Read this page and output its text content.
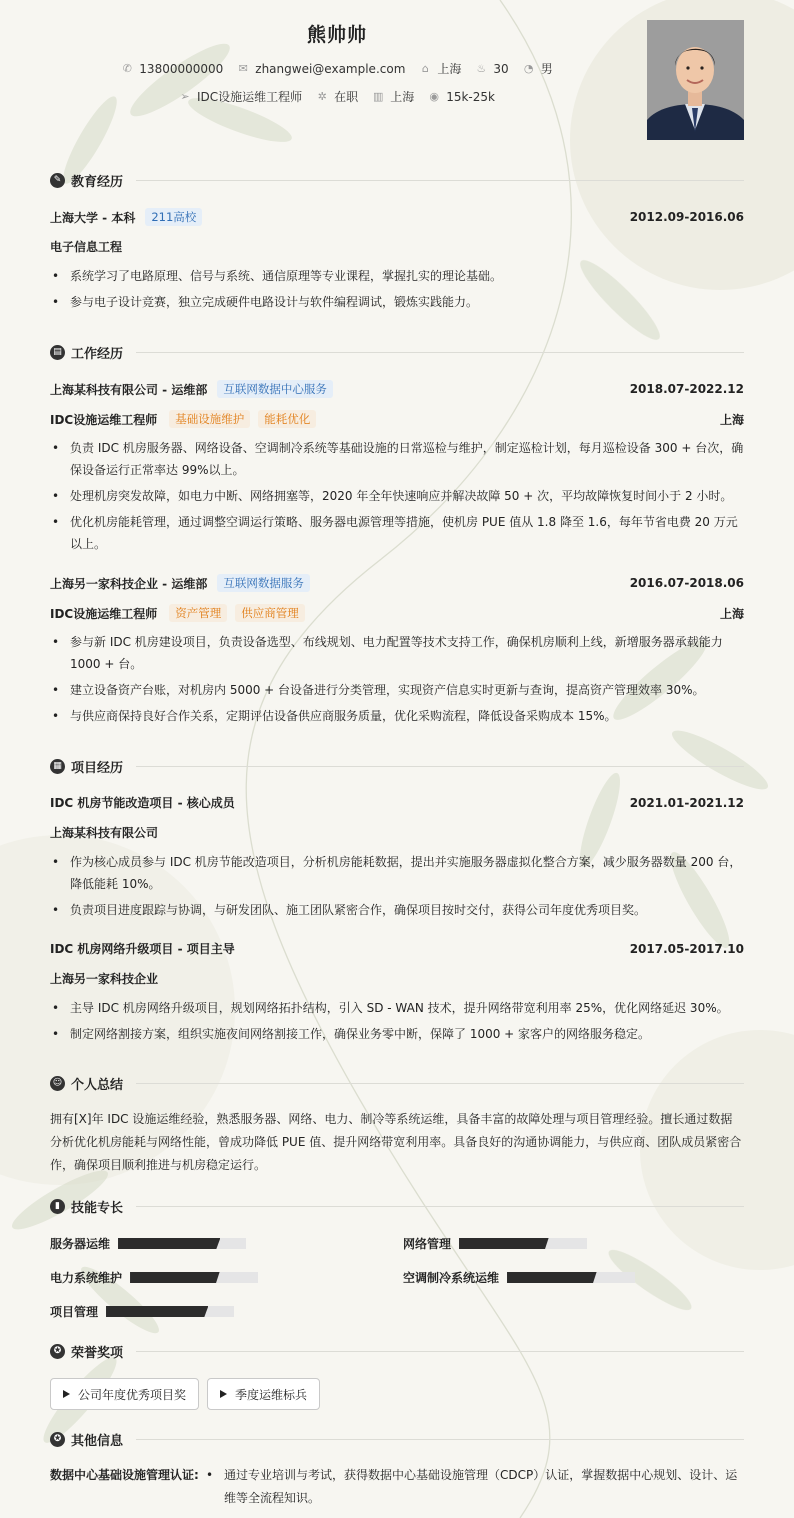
熊帅帅
✆ 13800000000 ✉ zhangwei@example.com ⌂ 上海 ♨ 30 ◔ 男
➢ IDC设施运维工程师 ✲ 在职 ▥ 上海 ◉ 15k-25k
✎ 教育经历
上海大学 - 本科	211高校	2012.09-2016.06
电子信息工程
• 系统学习了电路原理、信号与系统、通信原理等专业课程，掌握扎实的理论基础。
• 参与电子设计竞赛，独立完成硬件电路设计与软件编程调试，锻炼实践能力。
▤ 工作经历
上海某科技有限公司 - 运维部	互联网数据中心服务	2018.07-2022.12
IDC设施运维工程师	基础设施维护	能耗优化	上海
• 负责 IDC 机房服务器、网络设备、空调制冷系统等基础设施的日常巡检与维护，制定巡检计划，每月巡检设备 300 + 台次，确保设备运行正常率达 99%以上。
• 处理机房突发故障，如电力中断、网络拥塞等，2020 年全年快速响应并解决故障 50 + 次，平均故障恢复时间小于 2 小时。
• 优化机房能耗管理，通过调整空调运行策略、服务器电源管理等措施，使机房 PUE 值从 1.8 降至 1.6，每年节省电费 20 万元以上。
上海另一家科技企业 - 运维部	互联网数据服务	2016.07-2018.06
IDC设施运维工程师	资产管理	供应商管理	上海
• 参与新 IDC 机房建设项目，负责设备选型、布线规划、电力配置等技术支持工作，确保机房顺利上线，新增服务器承载能力 1000 + 台。
• 建立设备资产台账，对机房内 5000 + 台设备进行分类管理，实现资产信息实时更新与查询，提高资产管理效率 30%。
• 与供应商保持良好合作关系，定期评估设备供应商服务质量，优化采购流程，降低设备采购成本 15%。
▦ 项目经历
IDC 机房节能改造项目 - 核心成员	2021.01-2021.12
上海某科技有限公司
• 作为核心成员参与 IDC 机房节能改造项目，分析机房能耗数据，提出并实施服务器虚拟化整合方案，减少服务器数量 200 台，降低能耗 10%。
• 负责项目进度跟踪与协调，与研发团队、施工团队紧密合作，确保项目按时交付，获得公司年度优秀项目奖。
IDC 机房网络升级项目 - 项目主导	2017.05-2017.10
上海另一家科技企业
• 主导 IDC 机房网络升级项目，规划网络拓扑结构，引入 SD - WAN 技术，提升网络带宽利用率 25%，优化网络延迟 30%。
• 制定网络割接方案，组织实施夜间网络割接工作，确保业务零中断，保障了 1000 + 家客户的网络服务稳定。
☺ 个人总结
拥有[X]年 IDC 设施运维经验，熟悉服务器、网络、电力、制冷等系统运维，具备丰富的故障处理与项目管理经验。擅长通过数据分析优化机房能耗与网络性能，曾成功降低 PUE 值、提升网络带宽利用率。具备良好的沟通协调能力，与供应商、团队成员紧密合作，确保项目顺利推进与机房稳定运行。
▮ 技能专长
服务器运维	网络管理
电力系统维护	空调制冷系统运维
项目管理
✪ 荣誉奖项
公司年度优秀项目奖	季度运维标兵
✪ 其他信息
数据中心基础设施管理认证: • 通过专业培训与考试，获得数据中心基础设施管理（CDCP）认证，掌握数据中心规划、设计、运维等全流程知识。
